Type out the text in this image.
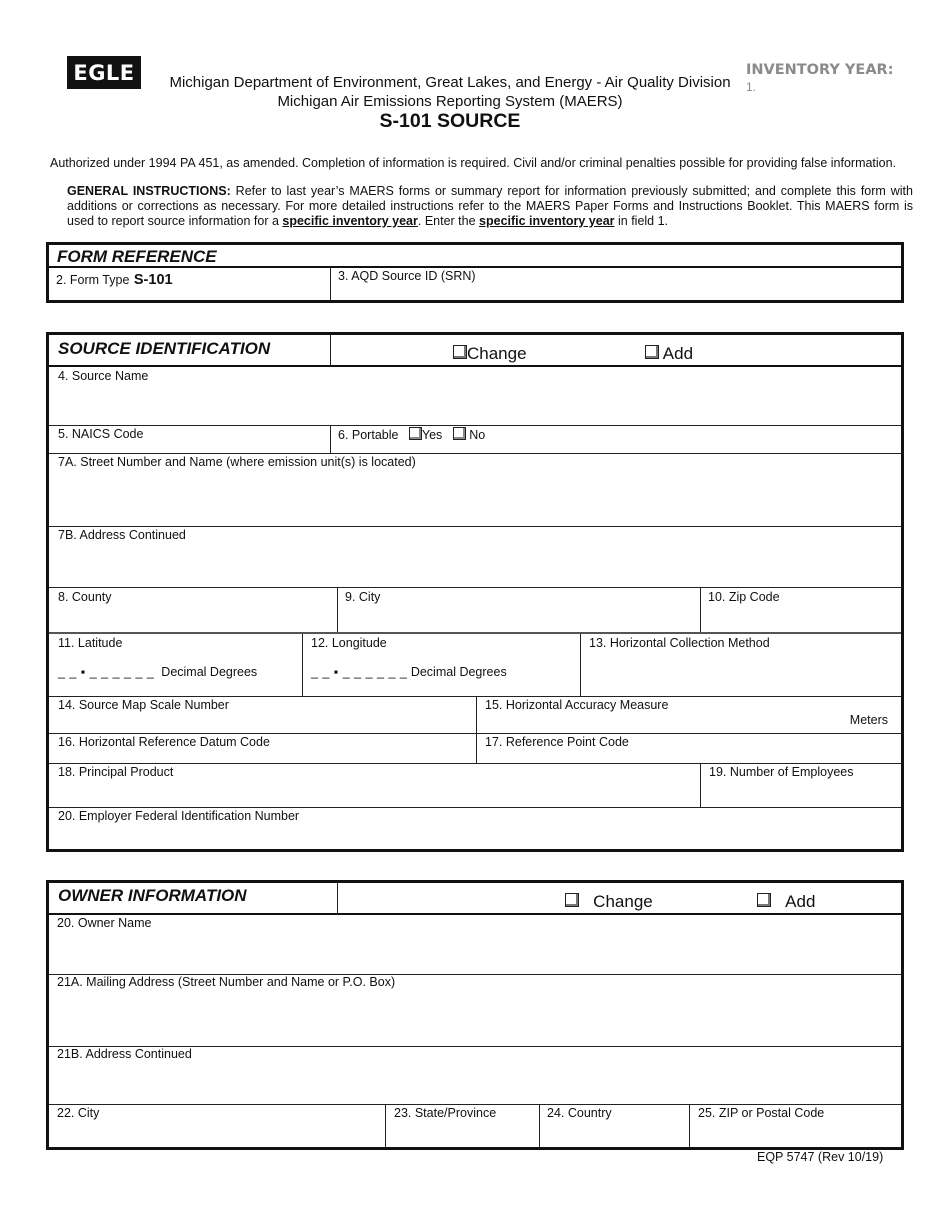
EGLE	Michigan Department of Environment, Great Lakes, and Energy - Air Quality Division
Michigan Air Emissions Reporting System (MAERS)
S-101 SOURCE
INVENTORY YEAR:
1.
Authorized under 1994 PA 451, as amended. Completion of information is required. Civil and/or criminal penalties possible for providing false information.
GENERAL INSTRUCTIONS: Refer to last year’s MAERS forms or summary report for information previously submitted; and complete this form with additions or corrections as necessary. For more detailed instructions refer to the MAERS Paper Forms and Instructions Booklet. This MAERS form is used to report source information for a specific inventory year. Enter the specific inventory year in field 1.
FORM REFERENCE
2. Form Type S-101	3. AQD Source ID (SRN)
SOURCE IDENTIFICATION	Change	Add
4. Source Name
5. NAICS Code	6. Portable Yes No
7A. Street Number and Name (where emission unit(s) is located)
7B. Address Continued
8. County	9. City	10. Zip Code
11. Latitude
_ _ ▪ _ _ _ _ _ _ Decimal Degrees
12. Longitude
_ _ ▪ _ _ _ _ _ _ Decimal Degrees
13. Horizontal Collection Method
14. Source Map Scale Number	15. Horizontal Accuracy Measure
Meters
16. Horizontal Reference Datum Code	17. Reference Point Code
18. Principal Product	19. Number of Employees
20. Employer Federal Identification Number
OWNER INFORMATION	Change	Add
20. Owner Name
21A. Mailing Address (Street Number and Name or P.O. Box)
21B. Address Continued
22. City	23. State/Province	24. Country	25. ZIP or Postal Code
EQP 5747 (Rev 10/19)
